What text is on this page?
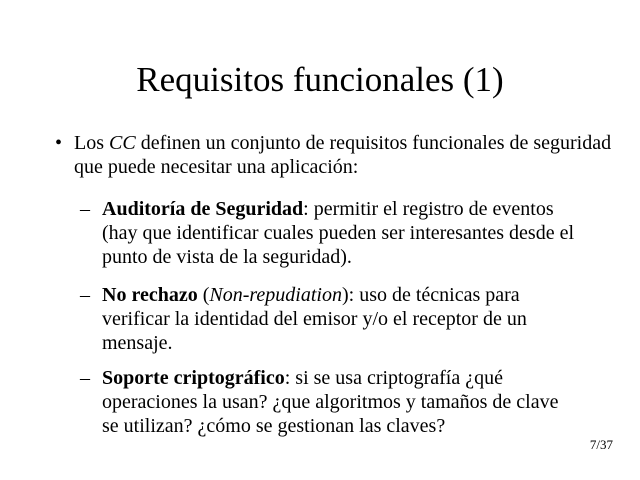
Requisitos funcionales (1)
• Los CC definen un conjunto de requisitos funcionales de seguridad que puede necesitar una aplicación:
– Auditoría de Seguridad: permitir el registro de eventos (hay que identificar cuales pueden ser interesantes desde el punto de vista de la seguridad).
– No rechazo (Non-repudiation): uso de técnicas para verificar la identidad del emisor y/o el receptor de un mensaje.
– Soporte criptográfico: si se usa criptografía ¿qué operaciones la usan? ¿que algoritmos y tamaños de clave se utilizan? ¿cómo se gestionan las claves?
7/37
